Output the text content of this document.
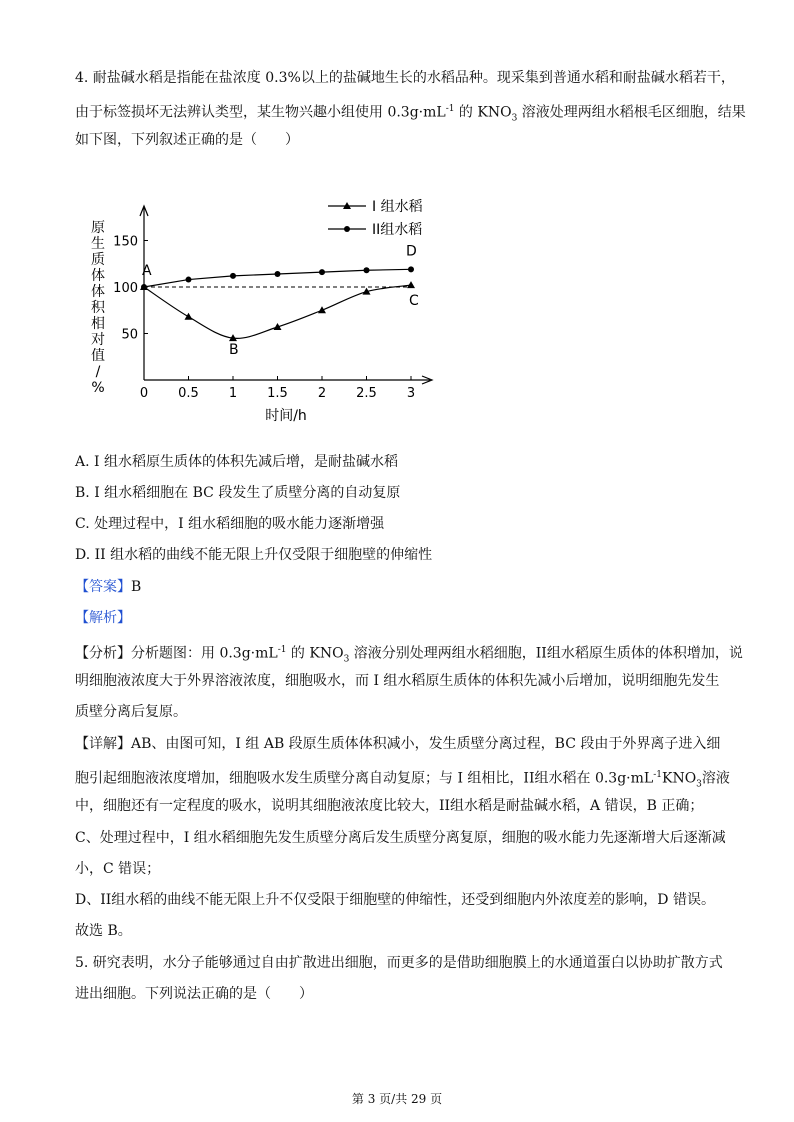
4. 耐盐碱水稻是指能在盐浓度 0.3%以上的盐碱地生长的水稻品种。现采集到普通水稻和耐盐碱水稻若干，
由于标签损坏无法辨认类型，某生物兴趣小组使用 $0.3g\cdot mL^{-1}$ 的 $KNO_3$ 溶液处理两组水稻根毛区细胞，结果
如下图，下列叙述正确的是（　　）
0 0.5 1 1.5 2 2.5 3
50
100
150
时间/h
原生质体体积相对值/ %
A
B
C
D
I 组水稻
II组水稻
A. I 组水稻原生质体的体积先减后增，是耐盐碱水稻
B. I 组水稻细胞在 BC 段发生了质壁分离的自动复原
C. 处理过程中，I 组水稻细胞的吸水能力逐渐增强
D. II 组水稻的曲线不能无限上升仅受限于细胞壁的伸缩性
【答案】B
【解析】
【分析】分析题图：用 $0.3g\cdot mL^{-1}$ 的 $KNO_3$ 溶液分别处理两组水稻细胞，II组水稻原生质体的体积增加，说
明细胞液浓度大于外界溶液浓度，细胞吸水，而 I 组水稻原生质体的体积先减小后增加，说明细胞先发生
质壁分离后复原。
【详解】AB、由图可知，I 组 AB 段原生质体体积减小，发生质壁分离过程，BC 段由于外界离子进入细
胞引起细胞液浓度增加，细胞吸水发生质壁分离自动复原；与 I 组相比，II组水稻在 $0.3g\cdot mL^{-1}KNO_3$溶液
中，细胞还有一定程度的吸水，说明其细胞液浓度比较大，II组水稻是耐盐碱水稻，A 错误，B 正确；
C、处理过程中，I 组水稻细胞先发生质壁分离后发生质壁分离复原，细胞的吸水能力先逐渐增大后逐渐减
小，C 错误；
D、II组水稻的曲线不能无限上升不仅受限于细胞壁的伸缩性，还受到细胞内外浓度差的影响，D 错误。
故选 B。
5. 研究表明，水分子能够通过自由扩散进出细胞，而更多的是借助细胞膜上的水通道蛋白以协助扩散方式
进出细胞。下列说法正确的是（　　）
第 3 页/共 29 页
